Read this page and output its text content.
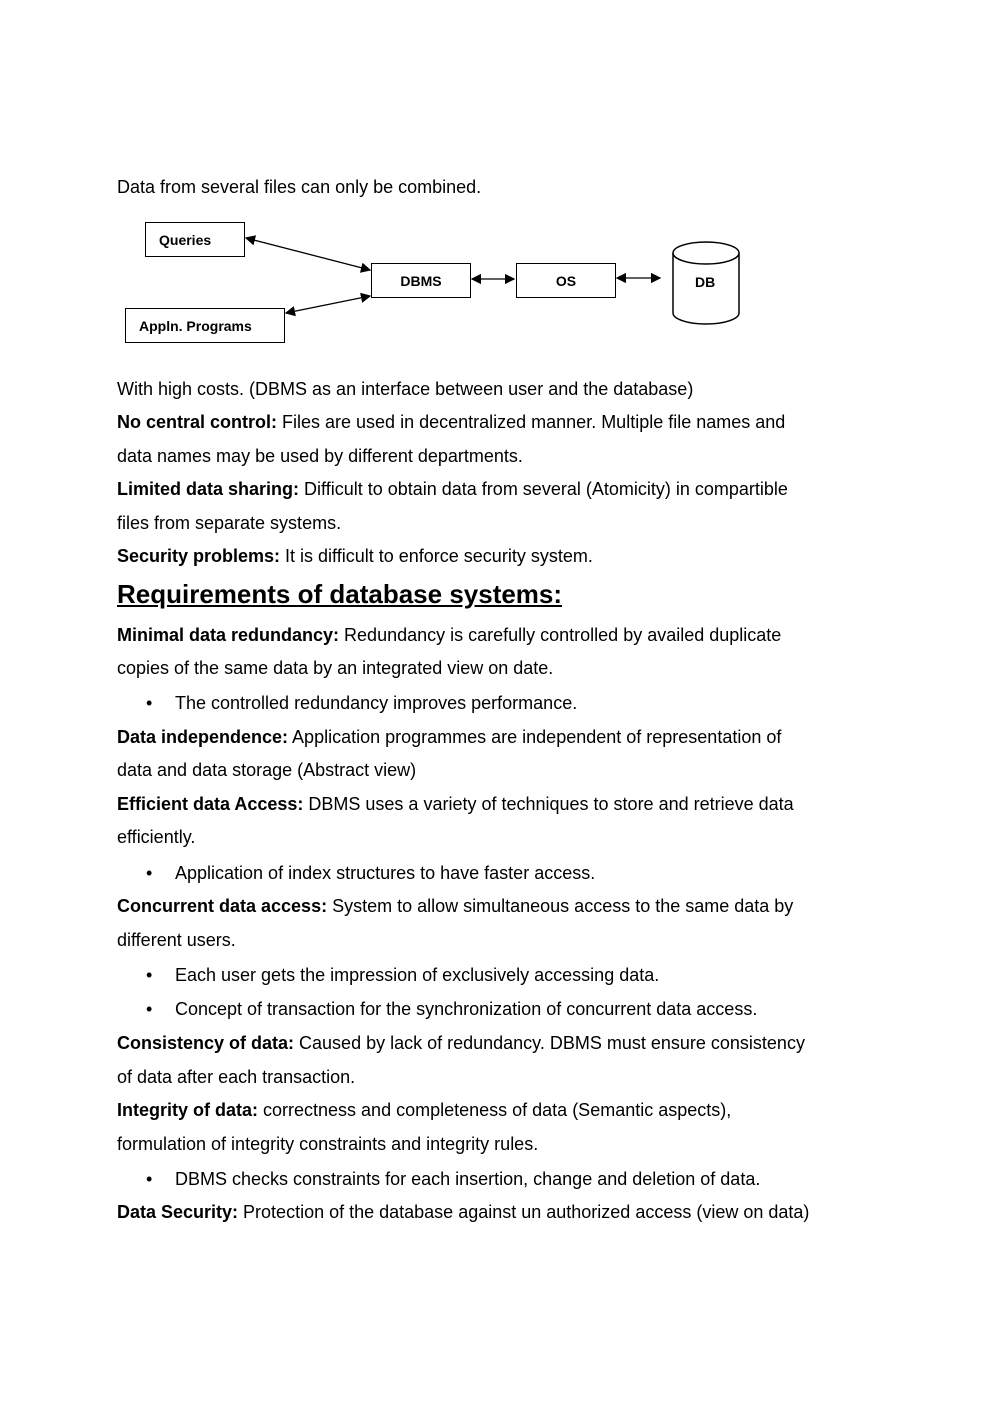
Data from several files can only be combined.
Queries
Appln. Programs
DBMS	OS	DB
With high costs. (DBMS as an interface between user and the database)
No central control: Files are used in decentralized manner. Multiple file names and
data names may be used by different departments.
Limited data sharing: Difficult to obtain data from several (Atomicity) in compartible
files from separate systems.
Security problems: It is difficult to enforce security system.
Requirements of database systems:
Minimal data redundancy: Redundancy is carefully controlled by availed duplicate
copies of the same data by an integrated view on date.
• The controlled redundancy improves performance.
Data independence: Application programmes are independent of representation of
data and data storage (Abstract view)
Efficient data Access: DBMS uses a variety of techniques to store and retrieve data
efficiently.
• Application of index structures to have faster access.
Concurrent data access: System to allow simultaneous access to the same data by
different users.
• Each user gets the impression of exclusively accessing data.
• Concept of transaction for the synchronization of concurrent data access.
Consistency of data: Caused by lack of redundancy. DBMS must ensure consistency
of data after each transaction.
Integrity of data: correctness and completeness of data (Semantic aspects),
formulation of integrity constraints and integrity rules.
• DBMS checks constraints for each insertion, change and deletion of data.
Data Security: Protection of the database against un authorized access (view on data)
